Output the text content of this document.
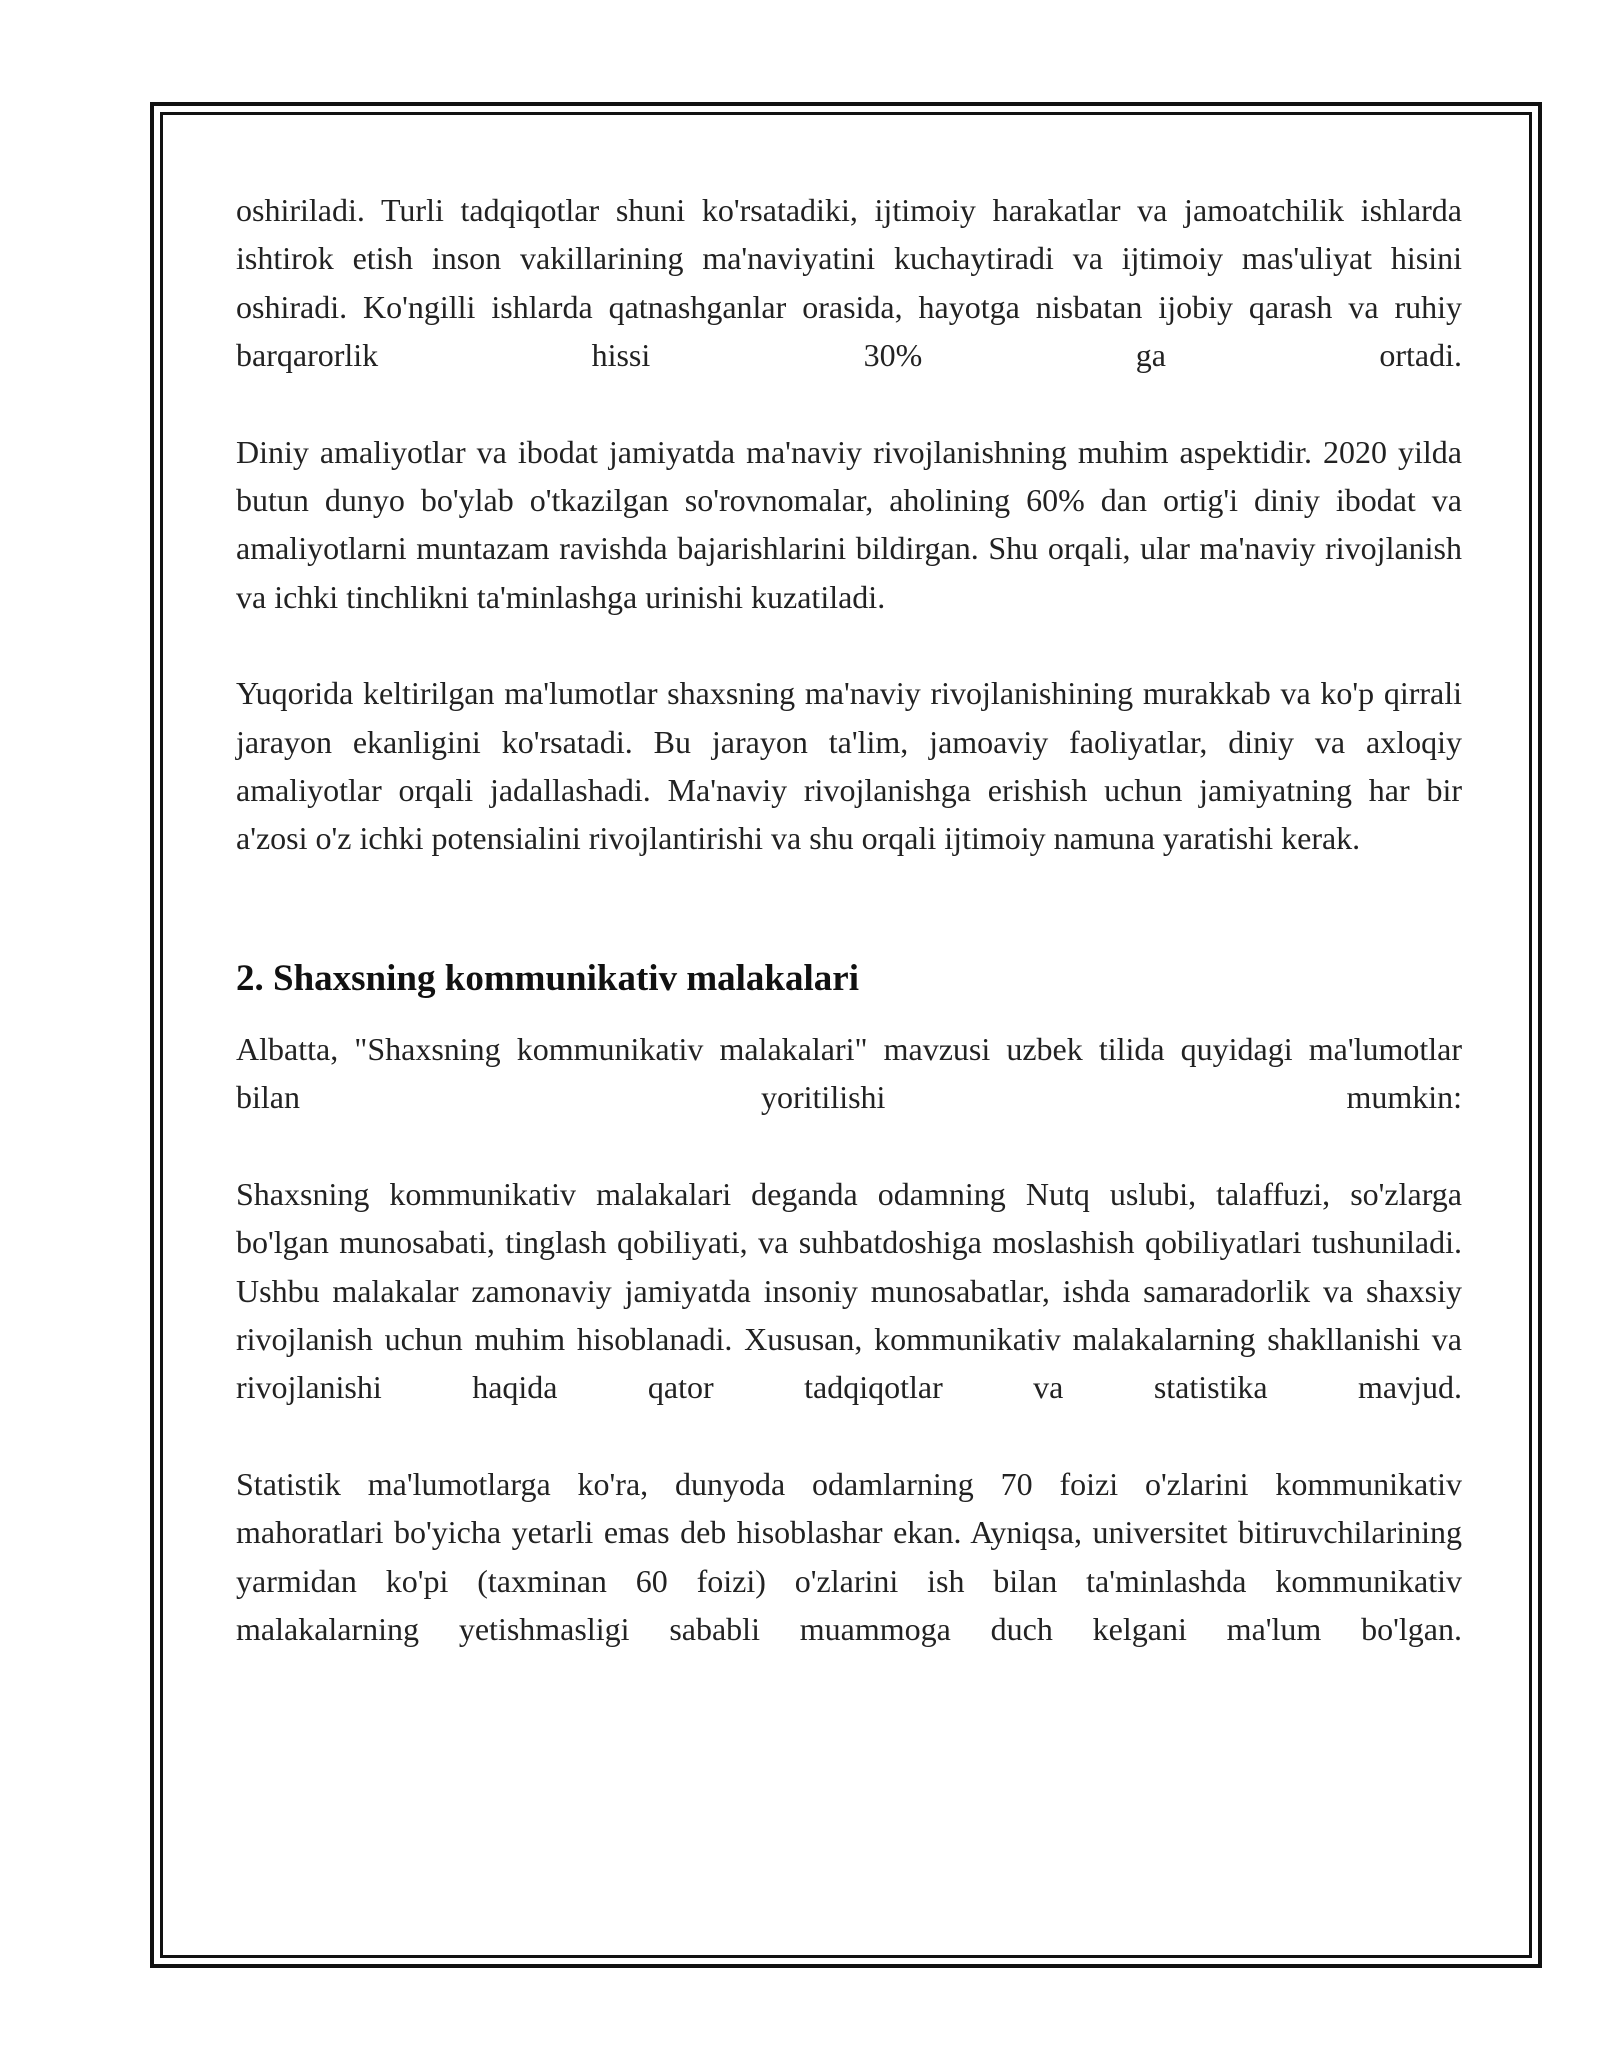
oshiriladi. Turli tadqiqotlar shuni ko'rsatadiki, ijtimoiy harakatlar va jamoatchilik ishlarda ishtirok etish inson vakillarining ma'naviyatini kuchaytiradi va ijtimoiy mas'uliyat hisini oshiradi. Ko'ngilli ishlarda qatnashganlar orasida, hayotga nisbatan ijobiy qarash va ruhiy barqarorlik hissi 30% ga ortadi.

Diniy amaliyotlar va ibodat jamiyatda ma'naviy rivojlanishning muhim aspektidir. 2020 yilda butun dunyo bo'ylab o'tkazilgan so'rovnomalar, aholining 60% dan ortig'i diniy ibodat va amaliyotlarni muntazam ravishda bajarishlarini bildirgan. Shu orqali, ular ma'naviy rivojlanish va ichki tinchlikni ta'minlashga urinishi kuzatiladi.

Yuqorida keltirilgan ma'lumotlar shaxsning ma'naviy rivojlanishining murakkab va ko'p qirrali jarayon ekanligini ko'rsatadi. Bu jarayon ta'lim, jamoaviy faoliyatlar, diniy va axloqiy amaliyotlar orqali jadallashadi. Ma'naviy rivojlanishga erishish uchun jamiyatning har bir a'zosi o'z ichki potensialini rivojlantirishi va shu orqali ijtimoiy namuna yaratishi kerak.

2. Shaxsning kommunikativ malakalari

Albatta, "Shaxsning kommunikativ malakalari" mavzusi uzbek tilida quyidagi ma'lumotlar bilan yoritilishi mumkin:

Shaxsning kommunikativ malakalari deganda odamning Nutq uslubi, talaffuzi, so'zlarga bo'lgan munosabati, tinglash qobiliyati, va suhbatdoshiga moslashish qobiliyatlari tushuniladi. Ushbu malakalar zamonaviy jamiyatda insoniy munosabatlar, ishda samaradorlik va shaxsiy rivojlanish uchun muhim hisoblanadi. Xususan, kommunikativ malakalarning shakllanishi va rivojlanishi haqida qator tadqiqotlar va statistika mavjud.

Statistik ma'lumotlarga ko'ra, dunyoda odamlarning 70 foizi o'zlarini kommunikativ mahoratlari bo'yicha yetarli emas deb hisoblashar ekan. Ayniqsa, universitet bitiruvchilarining yarmidan ko'pi (taxminan 60 foizi) o'zlarini ish bilan ta'minlashda kommunikativ malakalarning yetishmasligi sababli muammoga duch kelgani ma'lum bo'lgan.
